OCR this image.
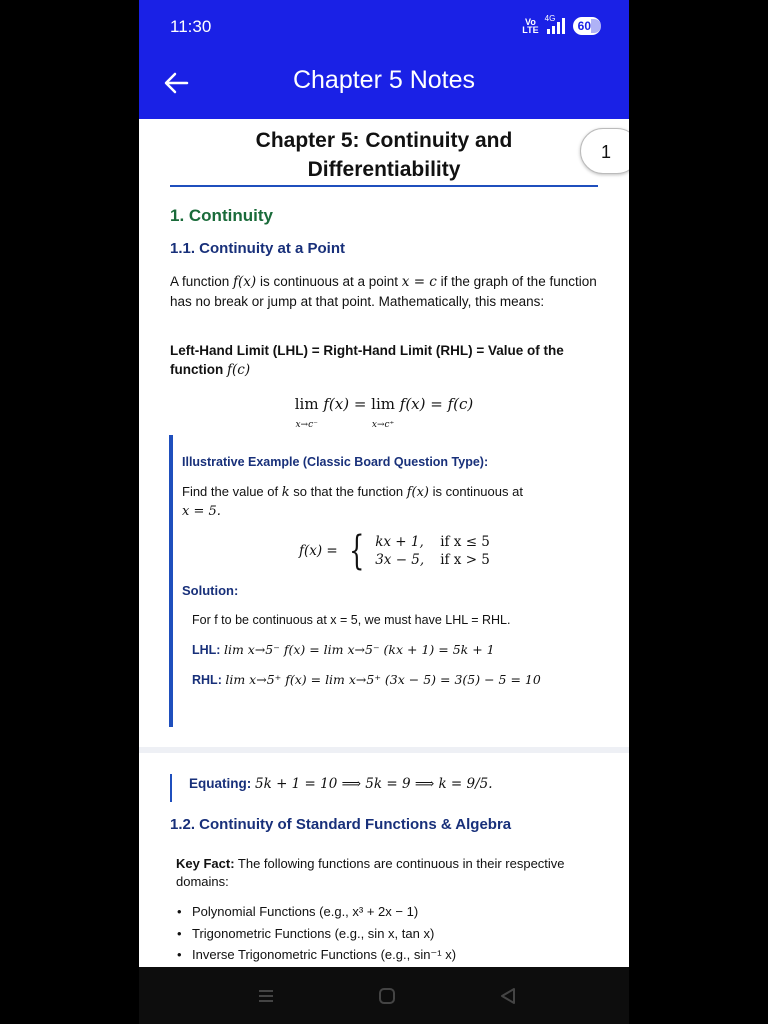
11:30	Vo
LTE
4G
60
Chapter 5 Notes
Chapter 5: Continuity and
Differentiability
1
1. Continuity
1.1. Continuity at a Point
A function f(x) is continuous at a point x = c if the graph of the function has no break or jump at that point. Mathematically, this means:
Left-Hand Limit (LHL) = Right-Hand Limit (RHL) = Value of the function f(c)
lim
x→c⁻ f(x) = lim
x→c⁺ f(x) = f(c)
Illustrative Example (Classic Board Question Type):
Find the value of k so that the function f(x) is continuous at
x = 5.
f(x) = { kx + 1, if x ≤ 5
3x − 5, if x > 5
Solution:
For f to be continuous at x = 5, we must have LHL = RHL.
LHL: lim x→5⁻ f(x) = lim x→5⁻ (kx + 1) = 5k + 1
RHL: lim x→5⁺ f(x) = lim x→5⁺ (3x − 5) = 3(5) − 5 = 10
Equating: 5k + 1 = 10 ⟹ 5k = 9 ⟹ k = 9/5.
1.2. Continuity of Standard Functions & Algebra
Key Fact: The following functions are continuous in their respective domains:
• Polynomial Functions (e.g., x³ + 2x − 1)
• Trigonometric Functions (e.g., sin x, tan x)
• Inverse Trigonometric Functions (e.g., sin⁻¹ x)
